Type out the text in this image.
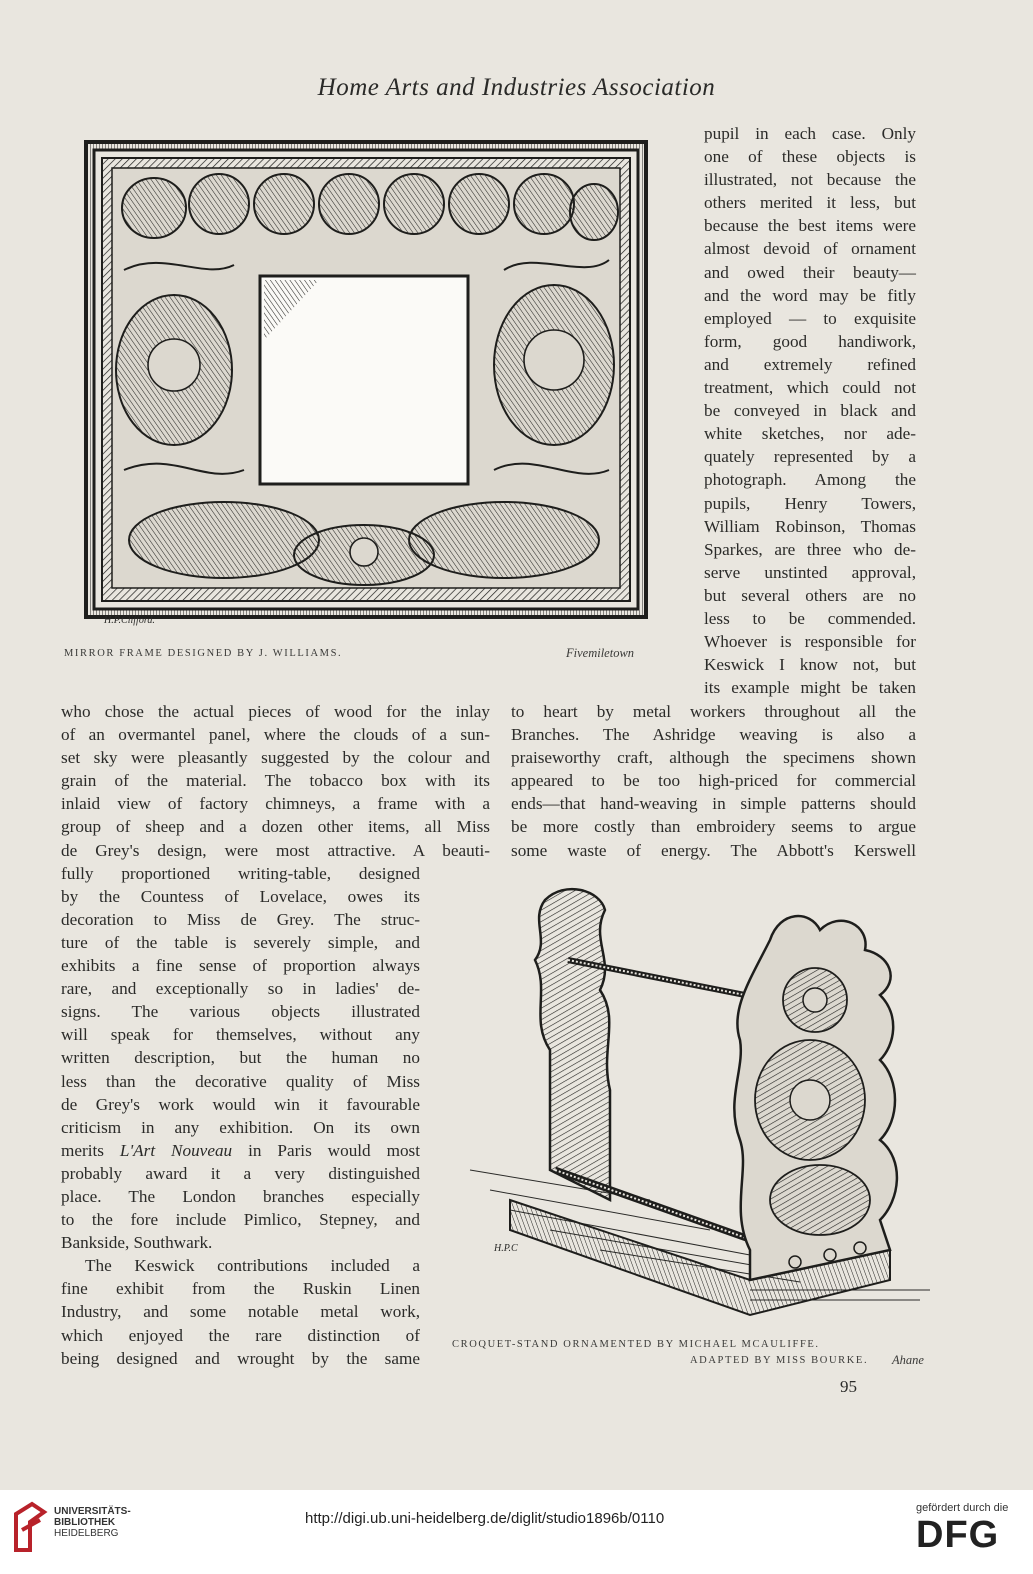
Home Arts and Industries Association
H.P.Clifford.
MIRROR FRAME DESIGNED BY J. WILLIAMS.	Fivemiletown

pupil in each case. Only

one of these objects is

illustrated, not because the

others merited it less, but

because the best items were

almost devoid of ornament

and owed their beauty—

and the word may be fitly

employed — to exquisite

form, good handiwork,

and extremely refined

treatment, which could not

be conveyed in black and

white sketches, nor ade-

quately represented by a

photograph. Among the

pupils, Henry Towers,

William Robinson, Thomas

Sparkes, are three who de-

serve unstinted approval,

but several others are no

less to be commended.

Whoever is responsible for

Keswick I know not, but

its example might be taken

who chose the actual pieces of wood for the inlay

of an overmantel panel, where the clouds of a sun-

set sky were pleasantly suggested by the colour and

grain of the material. The tobacco box with its

inlaid view of factory chimneys, a frame with a

group of sheep and a dozen other items, all Miss

de Grey's design, were most attractive. A beauti-

fully proportioned writing-table, designed

by the Countess of Lovelace, owes its

decoration to Miss de Grey. The struc-

ture of the table is severely simple, and

exhibits a fine sense of proportion always

rare, and exceptionally so in ladies' de-

signs. The various objects illustrated

will speak for themselves, without any

written description, but the human no

less than the decorative quality of Miss

de Grey's work would win it favourable

criticism in any exhibition. On its own

merits L'Art Nouveau in Paris would most

probably award it a very distinguished

place. The London branches especially

to the fore include Pimlico, Stepney, and

Bankside, Southwark.

The Keswick contributions included a

fine exhibit from the Ruskin Linen

Industry, and some notable metal work,

which enjoyed the rare distinction of

being designed and wrought by the same

to heart by metal workers throughout all the

Branches. The Ashridge weaving is also a

praiseworthy craft, although the specimens shown

appeared to be too high-priced for commercial

ends—that hand-weaving in simple patterns should

be more costly than embroidery seems to argue

some waste of energy. The Abbott's Kerswell

H.P.C
CROQUET-STAND ORNAMENTED BY MICHAEL MCAULIFFE.
ADAPTED BY MISS BOURKE. Ahane
95
UNIVERSITÄTS-
BIBLIOTHEK
HEIDELBERG
http://digi.ub.uni-heidelberg.de/diglit/studio1896b/0110
gefördert durch die
DFG
